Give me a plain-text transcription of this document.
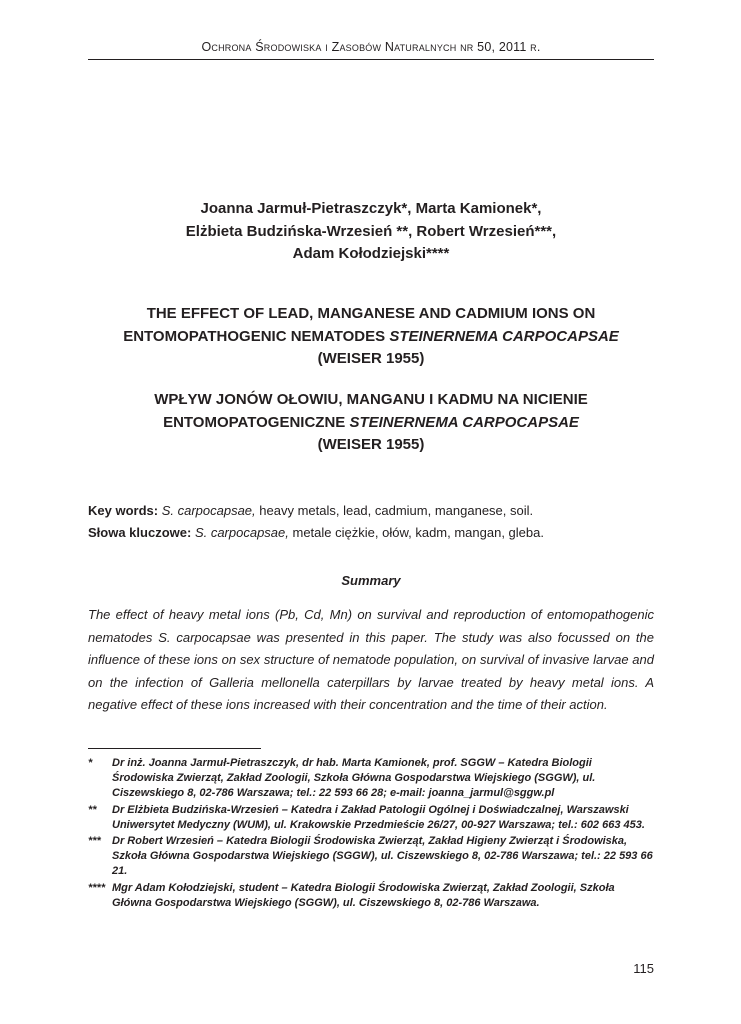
Ochrona Środowiska i Zasobów Naturalnych nr 50, 2011 r.
Joanna Jarmuł-Pietraszczyk*, Marta Kamionek*,
Elżbieta Budzińska-Wrzesień **, Robert Wrzesień***,
Adam Kołodziejski****
THE EFFECT OF LEAD, MANGANESE AND CADMIUM IONS ON
ENTOMOPATHOGENIC NEMATODES STEINERNEMA CARPOCAPSAE
(WEISER 1955)
WPŁYW JONÓW OŁOWIU, MANGANU I KADMU NA NICIENIE
ENTOMOPATOGENICZNE STEINERNEMA CARPOCAPSAE
(WEISER 1955)
Key words: S. carpocapsae, heavy metals, lead, cadmium, manganese, soil.
Słowa kluczowe: S. carpocapsae, metale ciężkie, ołów, kadm, mangan, gleba.
Summary
The effect of heavy metal ions (Pb, Cd, Mn) on survival and reproduction of entomopathogenic nematodes S. carpocapsae was presented in this paper. The study was also focussed on the influence of these ions on sex structure of nematode population, on survival of invasive larvae and on the infection of Galleria mellonella caterpillars by larvae treated by heavy metal ions. A negative effect of these ions increased with their concentration and the time of their action.
*	Dr inż. Joanna Jarmuł-Pietraszczyk, dr hab. Marta Kamionek, prof. SGGW – Katedra Biologii Środowiska Zwierząt, Zakład Zoologii, Szkoła Główna Gospodarstwa Wiejskiego (SGGW), ul. Ciszewskiego 8, 02-786 Warszawa; tel.: 22 593 66 28; e-mail: joanna_jarmul@sggw.pl
**	Dr Elżbieta Budzińska-Wrzesień – Katedra i Zakład Patologii Ogólnej i Doświadczalnej, Warszawski Uniwersytet Medyczny (WUM), ul. Krakowskie Przedmieście 26/27, 00-927 Warszawa; tel.: 602 663 453.
***	Dr Robert Wrzesień – Katedra Biologii Środowiska Zwierząt, Zakład Higieny Zwierząt i Środowiska, Szkoła Główna Gospodarstwa Wiejskiego (SGGW), ul. Ciszewskiego 8, 02-786 Warszawa; tel.: 22 593 66 21.
**** Mgr Adam Kołodziejski, student – Katedra Biologii Środowiska Zwierząt, Zakład Zoologii, Szkoła Główna Gospodarstwa Wiejskiego (SGGW), ul. Ciszewskiego 8, 02-786 Warszawa.
115
